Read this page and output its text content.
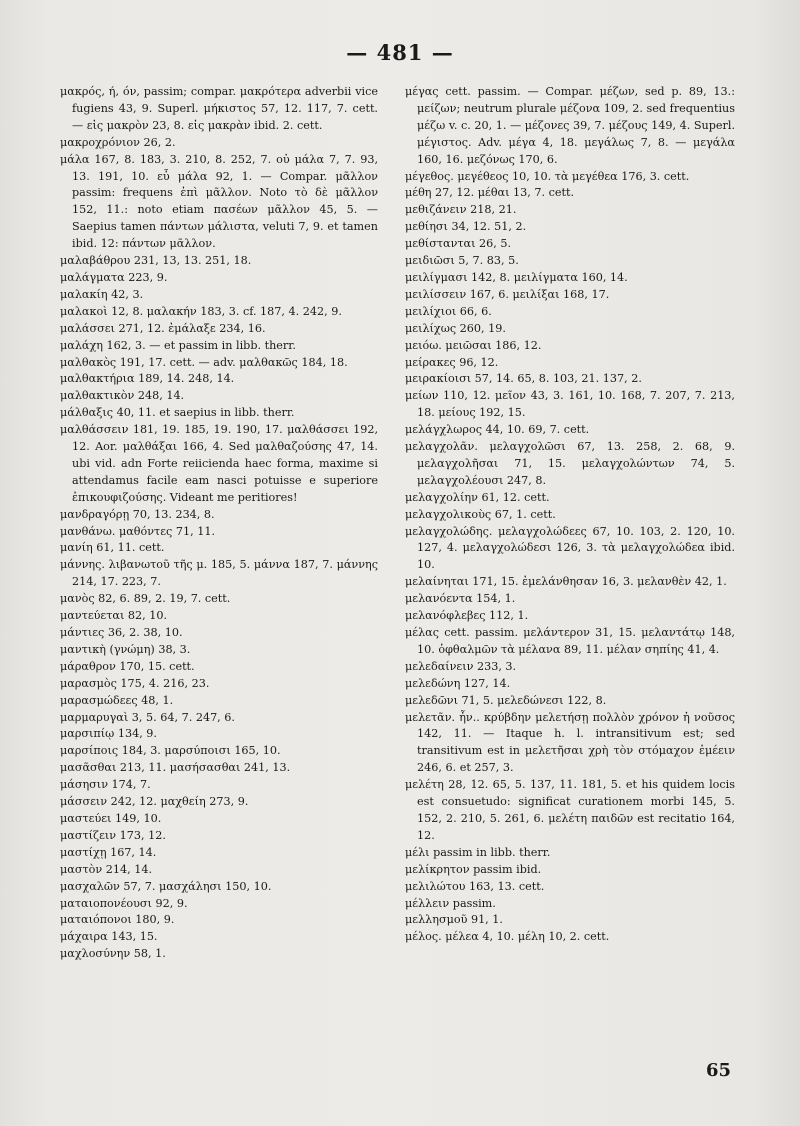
— 481 —

μακρός, ή, όν, passim; compar. μακρότερα adverbii vice fugiens 43, 9. Superl. μήκιστος 57, 12. 117, 7. cett. — εἰς μακρὸν 23, 8. εἰς μακρὰν ibid. 2. cett.

μακροχρόνιον 26, 2.

μάλα 167, 8. 183, 3. 210, 8. 252, 7. οὐ μάλα 7, 7. 93, 13. 191, 10. εὖ μάλα 92, 1. — Compar. μᾶλλον passim: frequens ἐπὶ μᾶλλον. Noto τὸ δὲ μᾶλλον 152, 11.: noto etiam πασέων μᾶλλον 45, 5. — Saepius tamen πάντων μάλιστα, veluti 7, 9. et tamen ibid. 12: πάντων μᾶλλον.

μαλαβάθρου 231, 13, 13. 251, 18.

μαλάγματα 223, 9.

μαλακίη 42, 3.

μαλακοὶ 12, 8. μαλακήν 183, 3. cf. 187, 4. 242, 9.

μαλάσσει 271, 12. ἐμάλαξε 234, 16.

μαλάχη 162, 3. — et passim in libb. therr.

μαλθακὸς 191, 17. cett. — adv. μαλθακῶς 184, 18.

μαλθακτήρια 189, 14. 248, 14.

μαλθακτικὸν 248, 14.

μάλθαξις 40, 11. et saepius in libb. therr.

μαλθάσσειν 181, 19. 185, 19. 190, 17. μαλθάσσει 192, 12. Aor. μαλθάξαι 166, 4. Sed μαλθαζούσης 47, 14. ubi vid. adn Forte reiicienda haec forma, maxime si attendamus facile eam nasci potuisse e superiore ἐπικουφιζούσης. Videant me peritiores!

μανδραγόρῃ 70, 13. 234, 8.

μανθάνω. μαθόντες 71, 11.

μανίη 61, 11. cett.

μάννης. λιβανωτοῦ τῆς μ. 185, 5. μάννα 187, 7. μάννης 214, 17. 223, 7.

μανὸς 82, 6. 89, 2. 19, 7. cett.

μαντεύεται 82, 10.

μάντιες 36, 2. 38, 10.

μαντικὴ (γνώμη) 38, 3.

μάραθρον 170, 15. cett.

μαρασμὸς 175, 4. 216, 23.

μαρασμώδεες 48, 1.

μαρμαρυγαὶ 3, 5. 64, 7. 247, 6.

μαρσιπίῳ 134, 9.

μαρσίποις 184, 3. μαρσύποισι 165, 10.

μασᾶσθαι 213, 11. μασήσασθαι 241, 13.

μάσησιν 174, 7.

μάσσειν 242, 12. μαχθείη 273, 9.

μαστεύει 149, 10.

μαστίζειν 173, 12.

μαστίχῃ 167, 14.

μαστὸν 214, 14.

μασχαλῶν 57, 7. μασχάλησι 150, 10.

ματαιοπονέουσι 92, 9.

ματαιόπονοι 180, 9.

μάχαιρα 143, 15.

μαχλοσύνην 58, 1.

μέγας cett. passim. — Compar. μέζων, sed p. 89, 13.: μείζων; neutrum plurale μέζονα 109, 2. sed frequentius μέζω v. c. 20, 1. — μέζονες 39, 7. μέζους 149, 4. Superl. μέγιστος. Adv. μέγα 4, 18. μεγάλως 7, 8. — μεγάλα 160, 16. μεζόνως 170, 6.

μέγεθος. μεγέθεος 10, 10. τὰ μεγέθεα 176, 3. cett.

μέθη 27, 12. μέθαι 13, 7. cett.

μεθιζάνειν 218, 21.

μεθίησι 34, 12. 51, 2.

μεθίστανται 26, 5.

μειδιῶσι 5, 7. 83, 5.

μειλίγμασι 142, 8. μειλίγματα 160, 14.

μειλίσσειν 167, 6. μειλίξαι 168, 17.

μειλίχιοι 66, 6.

μειλίχως 260, 19.

μειόω. μειῶσαι 186, 12.

μείρακες 96, 12.

μειρακίοισι 57, 14. 65, 8. 103, 21. 137, 2.

μείων 110, 12. μεῖον 43, 3. 161, 10. 168, 7. 207, 7. 213, 18. μείους 192, 15.

μελάγχλωρος 44, 10. 69, 7. cett.

μελαγχολᾶν. μελαγχολῶσι 67, 13. 258, 2. 68, 9. μελαγχολῆσαι 71, 15. μελαγχολώντων 74, 5. μελαγχολέουσι 247, 8.

μελαγχολίην 61, 12. cett.

μελαγχολικοὺς 67, 1. cett.

μελαγχολώδης. μελαγχολώδεες 67, 10. 103, 2. 120, 10. 127, 4. μελαγχολώδεσι 126, 3. τὰ μελαγχολώδεα ibid. 10.

μελαίνηται 171, 15. ἐμελάνθησαν 16, 3. μελανθὲν 42, 1.

μελανόεντα 154, 1.

μελανόφλεβες 112, 1.

μέλας cett. passim. μελάντερον 31, 15. μελαντάτῳ 148, 10. ὀφθαλμῶν τὰ μέλανα 89, 11. μέλαν σηπίης 41, 4.

μελεδαίνειν 233, 3.

μελεδώνη 127, 14.

μελεδῶνι 71, 5. μελεδώνεσι 122, 8.

μελετᾶν. ἦν.. κρύβδην μελετήσῃ πολλὸν χρόνον ἡ νοῦσος 142, 11. — Itaque h. l. intransitivum est; sed transitivum est in μελετῆσαι χρὴ τὸν στόμαχον ἐμέειν 246, 6. et 257, 3.

μελέτη 28, 12. 65, 5. 137, 11. 181, 5. et his quidem locis est consuetudo: significat curationem morbi 145, 5. 152, 2. 210, 5. 261, 6. μελέτη παιδῶν est recitatio 164, 12.

μέλι passim in libb. therr.

μελίκρητον passim ibid.

μελιλώτου 163, 13. cett.

μέλλειν passim.

μελλησμοῦ 91, 1.

μέλος. μέλεα 4, 10. μέλη 10, 2. cett.

65
